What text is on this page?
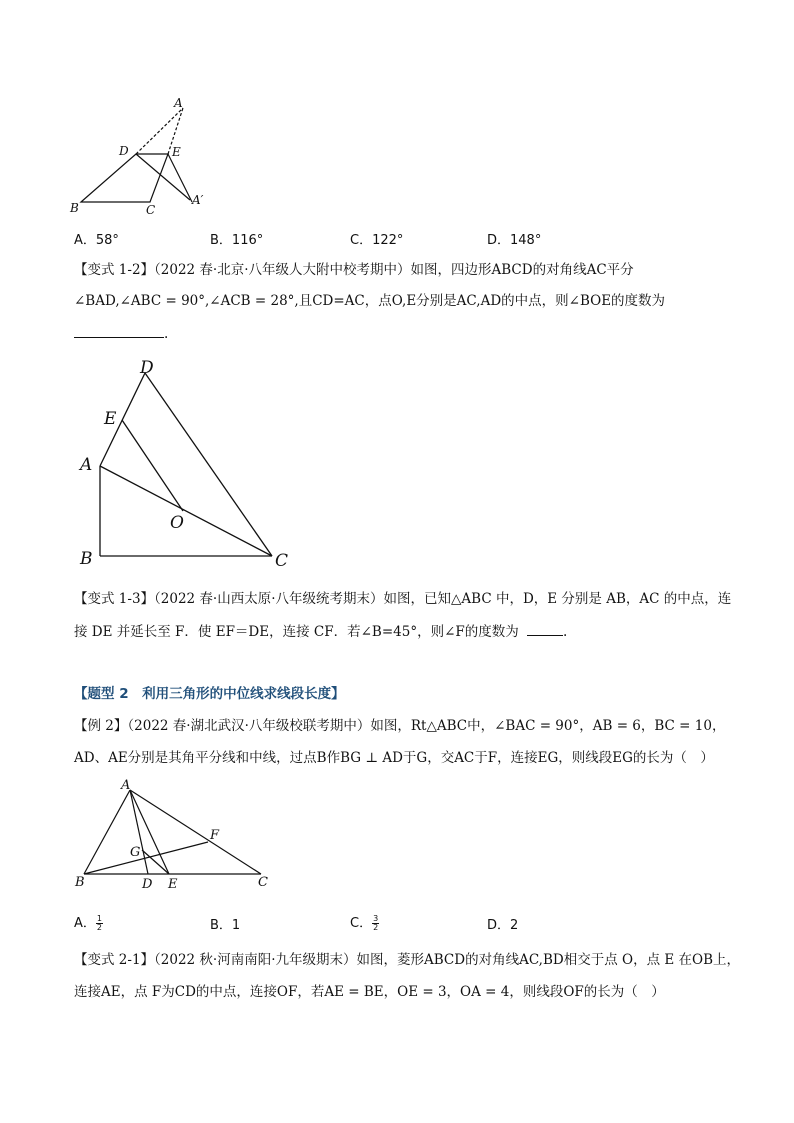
A
D	E
B	C
A′
A．58°	B．116°	C．122°	D．148°
【变式 1-2】（2022 春·北京·八年级人大附中校考期中）如图，四边形ABCD的对角线AC平分
∠BAD,∠ABC = 90°,∠ACB = 28°,且CD=AC，点O,E分别是AC,AD的中点，则∠BOE的度数为
.
D
E
A
O
B	C
【变式 1-3】（2022 春·山西太原·八年级统考期末）如图，已知△ABC 中，D，E 分别是 AB，AC 的中点，连
接 DE 并延长至 F．使 EF＝DE，连接 CF．若∠B=45°，则∠F的度数为	.
【题型 2　利用三角形的中位线求线段长度】
【例 2】（2022 春·湖北武汉·八年级校联考期中）如图，Rt△ABC中，∠BAC = 90°，AB = 6，BC = 10，
AD、AE分别是其角平分线和中线，过点B作BG ⊥ AD于G，交AC于F，连接EG，则线段EG的长为（　）
A
F
G
B	D E	C
A． $\frac{1}{2}$	B．1	C． $\frac{3}{2}$	D．2
【变式 2-1】（2022 秋·河南南阳·九年级期末）如图，菱形ABCD的对角线AC,BD相交于点 O，点 E 在OB上，
连接AE，点 F为CD的中点，连接OF，若AE = BE，OE = 3，OA = 4，则线段OF的长为（　）
